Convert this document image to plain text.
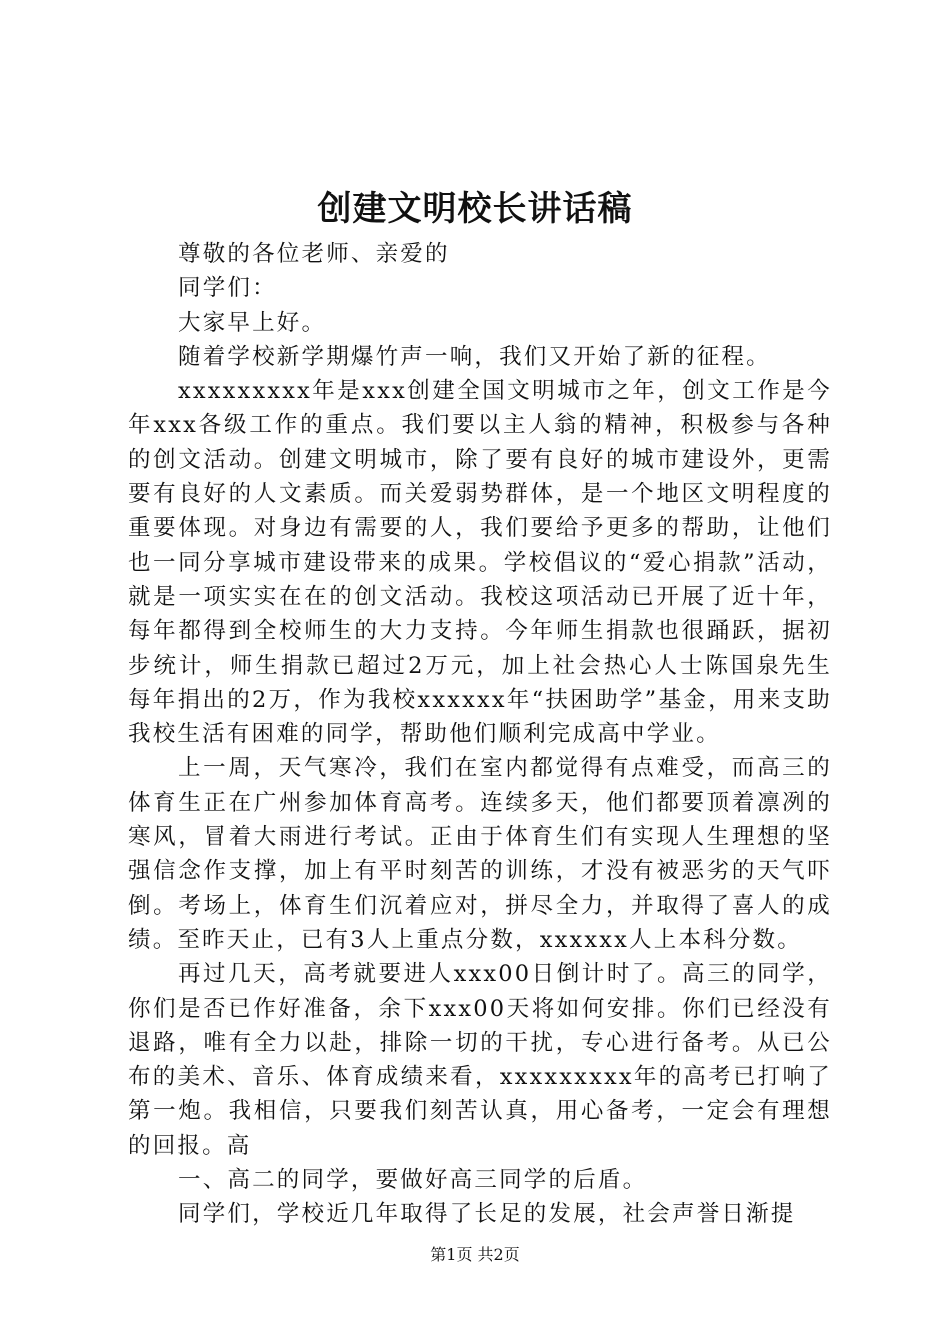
创建文明校长讲话稿

尊敬的各位老师、亲爱的

同学们：

大家早上好。

随着学校新学期爆竹声一响，我们又开始了新的征程。

xxxxxxxxx年是xxx创建全国文明城市之年，创文工作是今年xxx各级工作的重点。我们要以主人翁的精神，积极参与各种的创文活动。创建文明城市，除了要有良好的城市建设外，更需要有良好的人文素质。而关爱弱势群体，是一个地区文明程度的重要体现。对身边有需要的人，我们要给予更多的帮助，让他们也一同分享城市建设带来的成果。学校倡议的“爱心捐款”活动，就是一项实实在在的创文活动。我校这项活动已开展了近十年，每年都得到全校师生的大力支持。今年师生捐款也很踊跃，据初步统计，师生捐款已超过2万元，加上社会热心人士陈国泉先生每年捐出的2万，作为我校xxxxxx年“扶困助学”基金，用来支助我校生活有困难的同学，帮助他们顺利完成高中学业。

上一周，天气寒冷，我们在室内都觉得有点难受，而高三的体育生正在广州参加体育高考。连续多天，他们都要顶着凛冽的寒风，冒着大雨进行考试。正由于体育生们有实现人生理想的坚强信念作支撑，加上有平时刻苦的训练，才没有被恶劣的天气吓倒。考场上，体育生们沉着应对，拼尽全力，并取得了喜人的成绩。至昨天止，已有3人上重点分数，xxxxxx人上本科分数。

再过几天，高考就要进人xxx00日倒计时了。高三的同学，你们是否已作好准备，余下xxx00天将如何安排。你们已经没有退路，唯有全力以赴，排除一切的干扰，专心进行备考。从已公布的美术、音乐、体育成绩来看，xxxxxxxxx年的高考已打响了第一炮。我相信，只要我们刻苦认真，用心备考，一定会有理想的回报。高

一、高二的同学，要做好高三同学的后盾。

同学们，学校近几年取得了长足的发展，社会声誉日渐提

第1页 共2页
